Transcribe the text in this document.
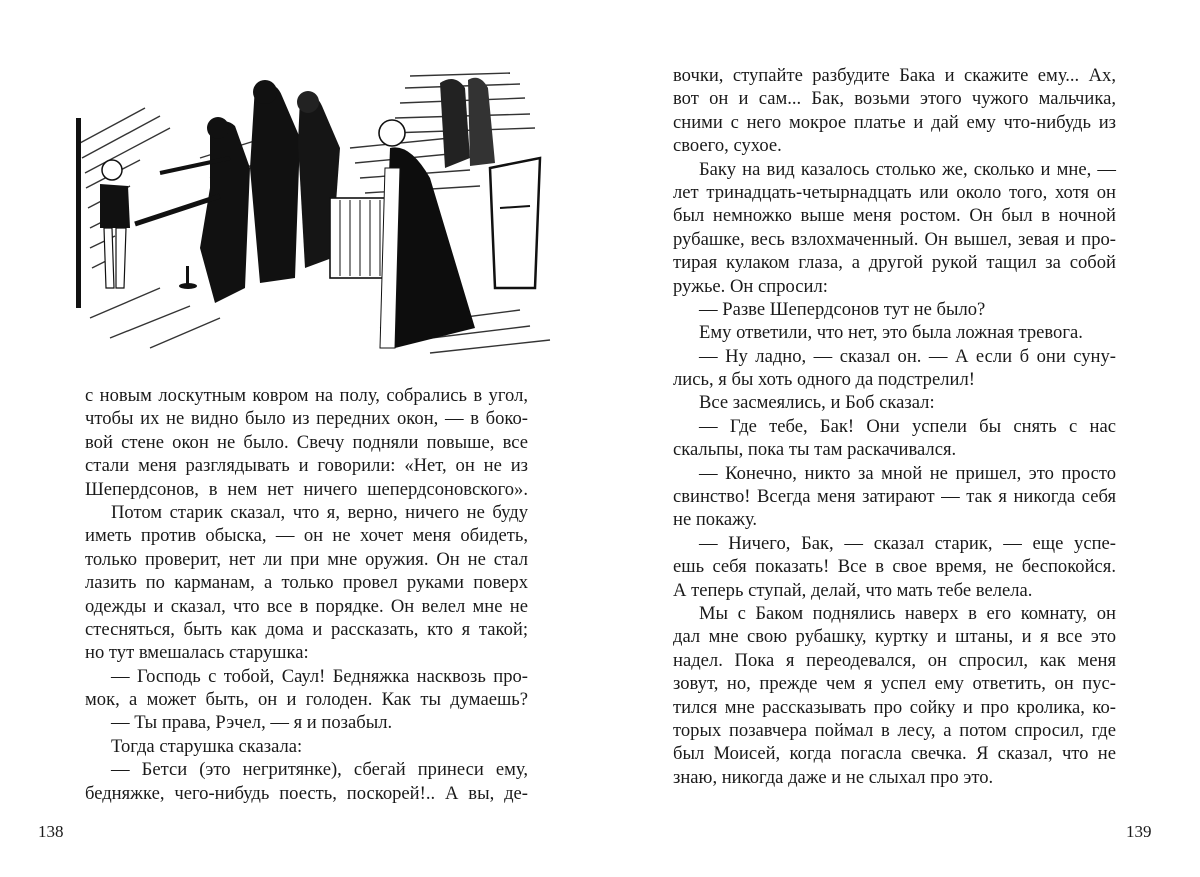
с новым лоскутным ковром на полу, собрались в угол,
чтобы их не видно было из передних окон, — в боко-
вой стене окон не было. Свечу подняли повыше, все
стали меня разглядывать и говорили: «Нет, он не из
Шепердсонов, в нем нет ничего шепердсоновского».
Потом старик сказал, что я, верно, ничего не буду
иметь против обыска, — он не хочет меня обидеть,
только проверит, нет ли при мне оружия. Он не стал
лазить по карманам, а только провел руками поверх
одежды и сказал, что все в порядке. Он велел мне не
стесняться, быть как дома и рассказать, кто я такой;
но тут вмешалась старушка:
— Господь с тобой, Саул! Бедняжка насквозь про-
мок, а может быть, он и голоден. Как ты думаешь?
— Ты права, Рэчел, — я и позабыл.
Тогда старушка сказала:
— Бетси (это негритянке), сбегай принеси ему,
бедняжке, чего-нибудь поесть, поскорей!.. А вы, де-
138
вочки, ступайте разбудите Бака и скажите ему... Ах,
вот он и сам... Бак, возьми этого чужого мальчика,
сними с него мокрое платье и дай ему что-нибудь из
своего, сухое.
Баку на вид казалось столько же, сколько и мне, —
лет тринадцать-четырнадцать или около того, хотя он
был немножко выше меня ростом. Он был в ночной
рубашке, весь взлохмаченный. Он вышел, зевая и про-
тирая кулаком глаза, а другой рукой тащил за собой
ружье. Он спросил:
— Разве Шепердсонов тут не было?
Ему ответили, что нет, это была ложная тревога.
— Ну ладно, — сказал он. — А если б они суну-
лись, я бы хоть одного да подстрелил!
Все засмеялись, и Боб сказал:
— Где тебе, Бак! Они успели бы снять с нас
скальпы, пока ты там раскачивался.
— Конечно, никто за мной не пришел, это просто
свинство! Всегда меня затирают — так я никогда себя
не покажу.
— Ничего, Бак, — сказал старик, — еще успе-
ешь себя показать! Все в свое время, не беспокойся.
А теперь ступай, делай, что мать тебе велела.
Мы с Баком поднялись наверх в его комнату, он
дал мне свою рубашку, куртку и штаны, и я все это
надел. Пока я переодевался, он спросил, как меня
зовут, но, прежде чем я успел ему ответить, он пус-
тился мне рассказывать про сойку и про кролика, ко-
торых позавчера поймал в лесу, а потом спросил, где
был Моисей, когда погасла свечка. Я сказал, что не
знаю, никогда даже и не слыхал про это.
139
